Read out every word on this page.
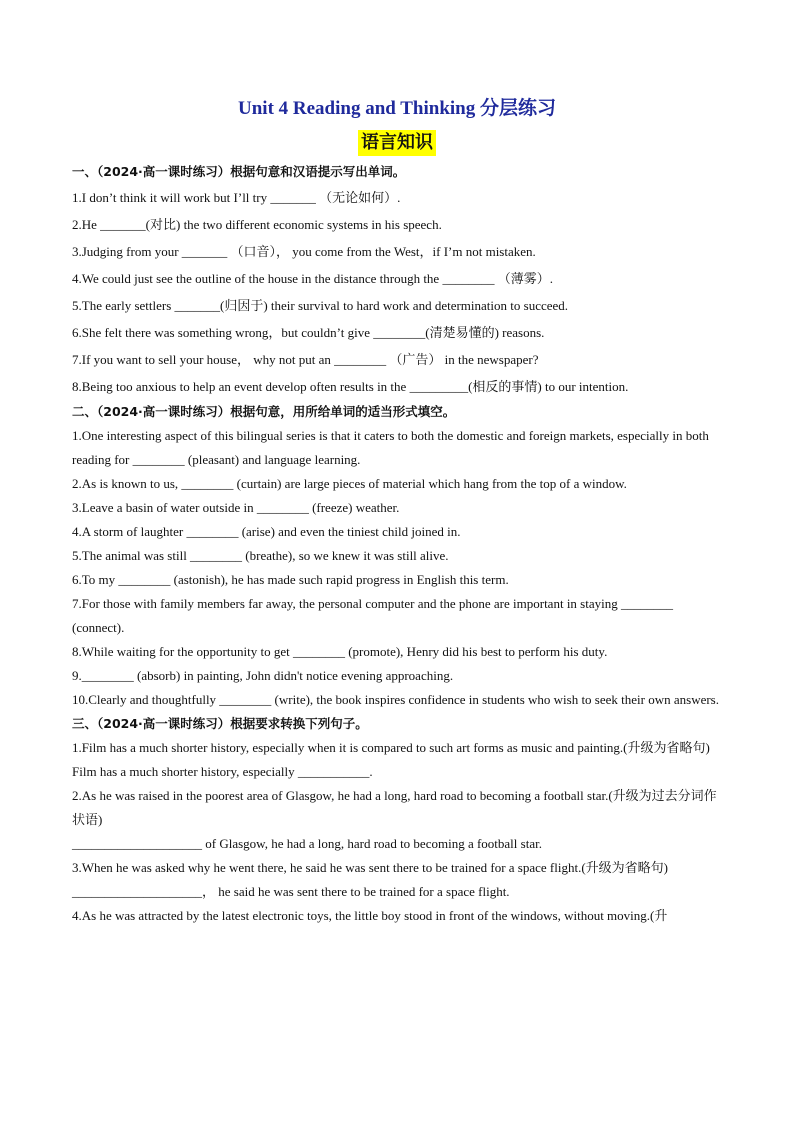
Unit 4 Reading and Thinking 分层练习
语言知识
一、（2024·高一课时练习）根据句意和汉语提示写出单词。
1.I don’t think it will work but I’ll try _______ （无论如何）.
2.He _______(对比) the two different economic systems in his speech.
3.Judging from your _______ （口音）， you come from the West，if I’m not mistaken.
4.We could just see the outline of the house in the distance through the ________ （薄雾）.
5.The early settlers _______(归因于) their survival to hard work and determination to succeed.
6.She felt there was something wrong，but couldn’t give ________(清楚易懂的) reasons.
7.If you want to sell your house， why not put an ________ （广告） in the newspaper?
8.Being too anxious to help an event develop often results in the _________(相反的事情) to our intention.
二、（2024·高一课时练习）根据句意，用所给单词的适当形式填空。
1.One interesting aspect of this bilingual series is that it caters to both the domestic and foreign markets, especially in both reading for ________ (pleasant) and language learning.
2.As is known to us, ________ (curtain) are large pieces of material which hang from the top of a window.
3.Leave a basin of water outside in ________ (freeze) weather.
4.A storm of laughter ________ (arise) and even the tiniest child joined in.
5.The animal was still ________ (breathe), so we knew it was still alive.
6.To my ________ (astonish), he has made such rapid progress in English this term.
7.For those with family members far away, the personal computer and the phone are important in staying ________ (connect).
8.While waiting for the opportunity to get ________ (promote), Henry did his best to perform his duty.
9.________ (absorb) in painting, John didn't notice evening approaching.
10.Clearly and thoughtfully ________ (write), the book inspires confidence in students who wish to seek their own answers.
三、（2024·高一课时练习）根据要求转换下列句子。
1.Film has a much shorter history, especially when it is compared to such art forms as music and painting.(升级为省略句)
Film has a much shorter history, especially ___________.
2.As he was raised in the poorest area of Glasgow, he had a long, hard road to becoming a football star.(升级为过去分词作状语)
____________________ of Glasgow, he had a long, hard road to becoming a football star.
3.When he was asked why he went there, he said he was sent there to be trained for a space flight.(升级为省略句)
____________________， he said he was sent there to be trained for a space flight.
4.As he was attracted by the latest electronic toys, the little boy stood in front of the windows, without moving.(升
